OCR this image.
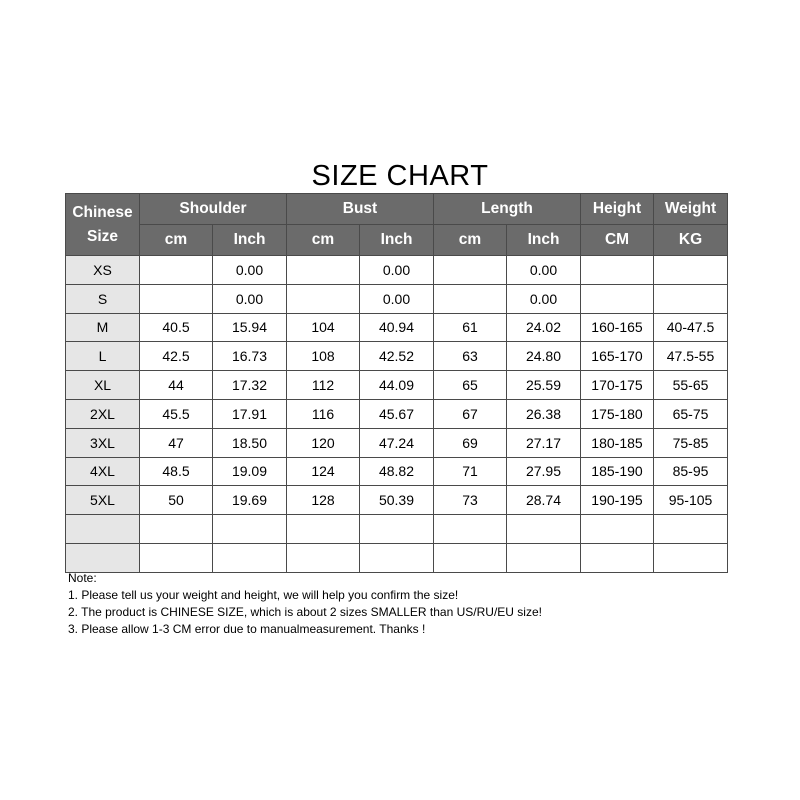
SIZE CHART
Chinese
Size	Shoulder		Bust		Length		Height	Weight
	cm	Inch	cm	Inch	cm	Inch	CM	KG
XS		0.00		0.00		0.00		
S		0.00		0.00		0.00		
M	40.5	15.94	104	40.94	61	24.02	160-165	40-47.5
L	42.5	16.73	108	42.52	63	24.80	165-170	47.5-55
XL	44	17.32	112	44.09	65	25.59	170-175	55-65
2XL	45.5	17.91	116	45.67	67	26.38	175-180	65-75
3XL	47	18.50	120	47.24	69	27.17	180-185	75-85
4XL	48.5	19.09	124	48.82	71	27.95	185-190	85-95
5XL	50	19.69	128	50.39	73	28.74	190-195	95-105

Note:
1. Please tell us your weight and height, we will help you confirm the size!
2. The product is CHINESE SIZE, which is about 2 sizes SMALLER than US/RU/EU size!
3. Please allow 1-3 CM error due to manualmeasurement. Thanks !
